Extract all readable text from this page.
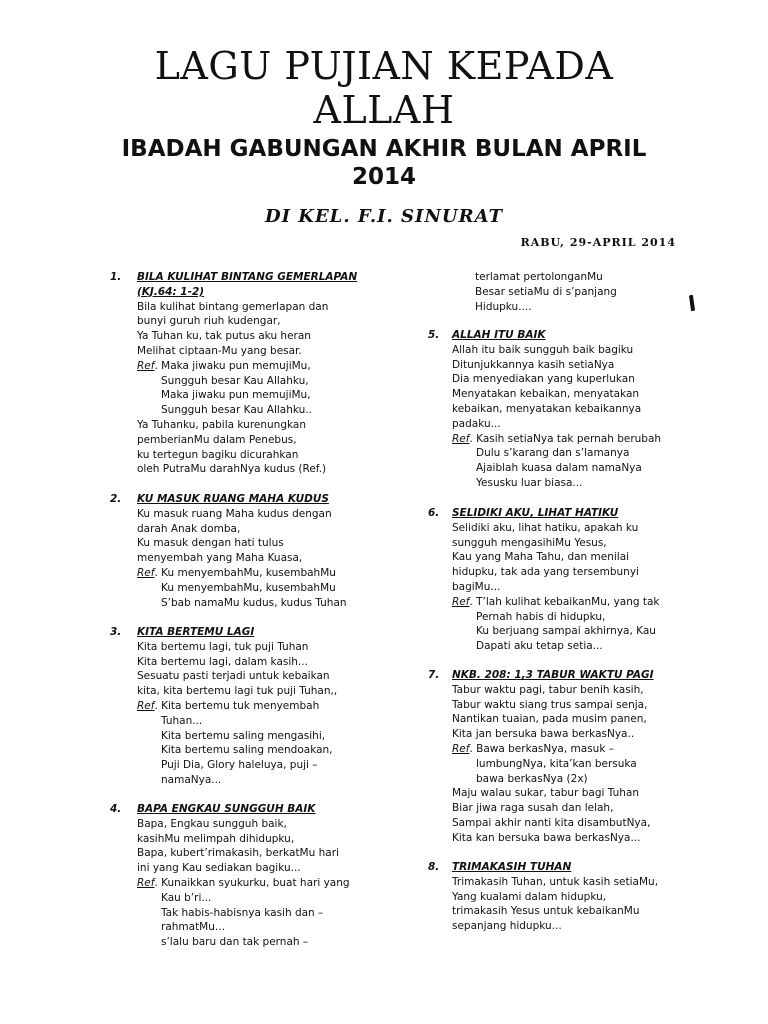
LAGU PUJIAN KEPADA
ALLAH
IBADAH GABUNGAN AKHIR BULAN APRIL
2014
DI KEL. F.I. SINURAT
RABU, 29-APRIL 2014
1. BILA KULIHAT BINTANG GEMERLAPAN
(KJ.64: 1-2)
Bila kulihat bintang gemerlapan dan
bunyi guruh riuh kudengar,
Ya Tuhan ku, tak putus aku heran
Melihat ciptaan-Mu yang besar.
Ref. Maka jiwaku pun memujiMu,
Sungguh besar Kau Allahku,
Maka jiwaku pun memujiMu,
Sungguh besar Kau Allahku..
Ya Tuhanku, pabila kurenungkan
pemberianMu dalam Penebus,
ku tertegun bagiku dicurahkan
oleh PutraMu darahNya kudus (Ref.)
2. KU MASUK RUANG MAHA KUDUS
Ku masuk ruang Maha kudus dengan
darah Anak domba,
Ku masuk dengan hati tulus
menyembah yang Maha Kuasa,
Ref. Ku menyembahMu, kusembahMu
Ku menyembahMu, kusembahMu
S’bab namaMu kudus, kudus Tuhan
3. KITA BERTEMU LAGI
Kita bertemu lagi, tuk puji Tuhan
Kita bertemu lagi, dalam kasih...
Sesuatu pasti terjadi untuk kebaikan
kita, kita bertemu lagi tuk puji Tuhan,,
Ref. Kita bertemu tuk menyembah
Tuhan...
Kita bertemu saling mengasihi,
Kita bertemu saling mendoakan,
Puji Dia, Glory haleluya, puji –
namaNya...
4. BAPA ENGKAU SUNGGUH BAIK
Bapa, Engkau sungguh baik,
kasihMu melimpah dihidupku,
Bapa, kubert’rimakasih, berkatMu hari
ini yang Kau sediakan bagiku...
Ref. Kunaikkan syukurku, buat hari yang
Kau b’ri...
Tak habis-habisnya kasih dan –
rahmatMu...
s’lalu baru dan tak pernah –
terlamat pertolonganMu
Besar setiaMu di s’panjang
Hidupku....
5. ALLAH ITU BAIK
Allah itu baik sungguh baik bagiku
Ditunjukkannya kasih setiaNya
Dia menyediakan yang kuperlukan
Menyatakan kebaikan, menyatakan
kebaikan, menyatakan kebaikannya
padaku...
Ref. Kasih setiaNya tak pernah berubah
Dulu s’karang dan s’lamanya
Ajaiblah kuasa dalam namaNya
Yesusku luar biasa...
6. SELIDIKI AKU, LIHAT HATIKU
Selidiki aku, lihat hatiku, apakah ku
sungguh mengasihiMu Yesus,
Kau yang Maha Tahu, dan menilai
hidupku, tak ada yang tersembunyi
bagiMu...
Ref. T’lah kulihat kebaikanMu, yang tak
Pernah habis di hidupku,
Ku berjuang sampai akhirnya, Kau
Dapati aku tetap setia...
7. NKB. 208: 1,3 TABUR WAKTU PAGI
Tabur waktu pagi, tabur benih kasih,
Tabur waktu siang trus sampai senja,
Nantikan tuaian, pada musim panen,
Kita jan bersuka bawa berkasNya..
Ref. Bawa berkasNya, masuk –
lumbungNya, kita’kan bersuka
bawa berkasNya (2x)
Maju walau sukar, tabur bagi Tuhan
Biar jiwa raga susah dan lelah,
Sampai akhir nanti kita disambutNya,
Kita kan bersuka bawa berkasNya...
8. TRIMAKASIH TUHAN
Trimakasih Tuhan, untuk kasih setiaMu,
Yang kualami dalam hidupku,
trimakasih Yesus untuk kebaikanMu
sepanjang hidupku...
